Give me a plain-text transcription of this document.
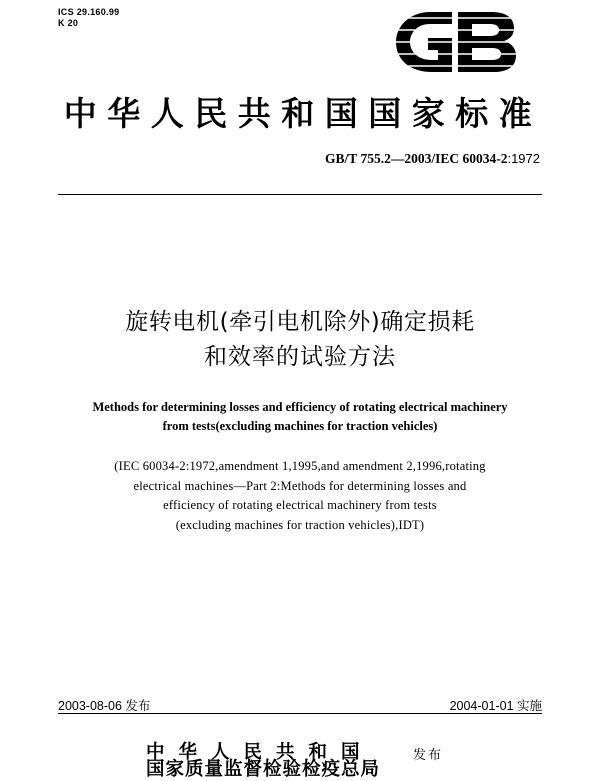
ICS 29.160.99
K 20
中华人民共和国国家标准
GB/T 755.2—2003/IEC 60034-2:1972
旋转电机(牵引电机除外)确定损耗
和效率的试验方法
Methods for determining losses and efficiency of rotating electrical machinery
from tests(excluding machines for traction vehicles)
(IEC 60034-2:1972,amendment 1,1995,and amendment 2,1996,rotating
electrical machines—Part 2:Methods for determining losses and
efficiency of rotating electrical machinery from tests
(excluding machines for traction vehicles),IDT)
2003-08-06 发布	2004-01-01 实施
中华人民共和国
国家质量监督检验检疫总局
发布
